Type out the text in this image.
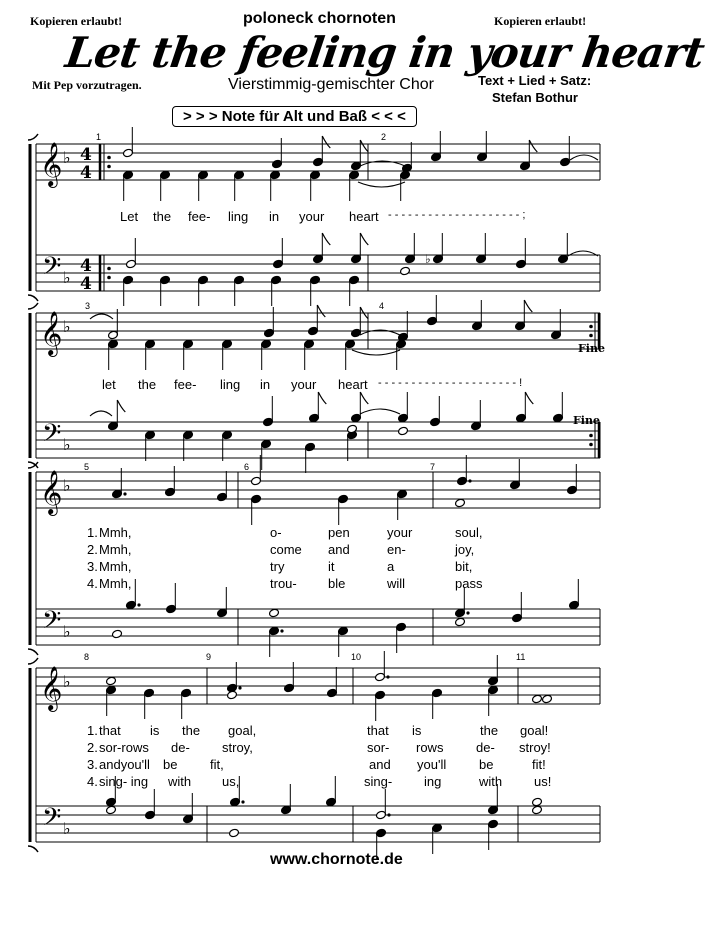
Kopieren erlaubt!	poloneck chornoten	Kopieren erlaubt!
Let the feeling in your heart
Mit Pep vorzutragen.	Vierstimmig-gemischter Chor	Text + Lied + Satz:
Stefan Bothur
> > > Note für Alt und Baß < < <
𝄞
𝄢
♭
♭
𝄞
𝄢
♭
♭
𝄞
𝄢
♭
♭
𝄞
𝄢
♭
♭
4
4
4
4
1	2
3	4
5	6	7
8	9	10	11
Fine
Fine
♭
Let the fee- ling in your heart - - - - - - - - - - - - - - - - - - - - ;
let the fee- ling in your heart - - - - - - - - - - - - - - - - - - - - - !
1. Mmh,	o-	pen	your	soul,
2. Mmh,	come and	en-	joy,
3. Mmh,	try	it	a	bit,
4. Mmh,	trou- ble	will	pass
1. that is the goal,	that is	the goal!
2. sor-rows de- stroy,	sor- rows	de- stroy!
3. andyou'll be	fit,	and you'll	be	fit!
4. sing- ing with us,	sing- ing	with us!
www.chornote.de
